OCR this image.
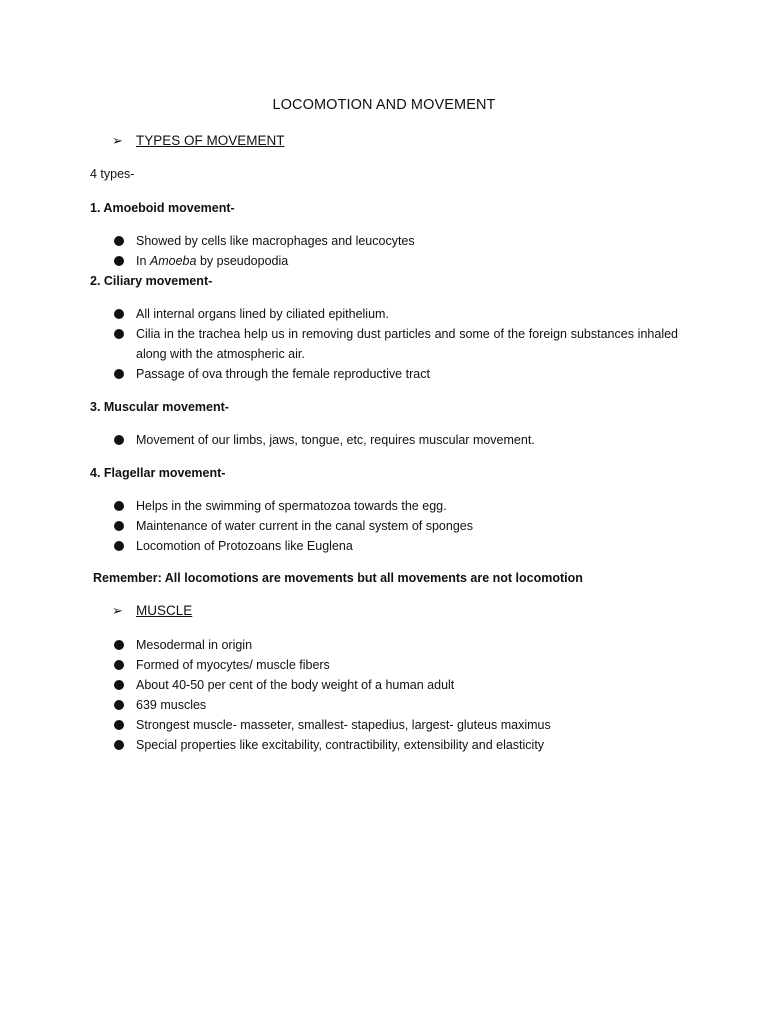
LOCOMOTION AND MOVEMENT
➢ TYPES OF MOVEMENT
4 types-
1. Amoeboid movement-
Showed by cells like macrophages and leucocytes
In Amoeba by pseudopodia
2. Ciliary movement-
All internal organs lined by ciliated epithelium.
Cilia in the trachea help us in removing dust particles and some of the foreign substances inhaled along with the atmospheric air.
Passage of ova through the female reproductive tract
3. Muscular movement-
Movement of our limbs, jaws, tongue, etc, requires muscular movement.
4. Flagellar movement-
Helps in the swimming of spermatozoa towards the egg.
Maintenance of water current in the canal system of sponges
Locomotion of Protozoans like Euglena
Remember: All locomotions are movements but all movements are not locomotion
➢ MUSCLE
Mesodermal in origin
Formed of myocytes/ muscle fibers
About 40-50 per cent of the body weight of a human adult
639 muscles
Strongest muscle- masseter, smallest- stapedius, largest- gluteus maximus
Special properties like excitability, contractibility, extensibility and elasticity
